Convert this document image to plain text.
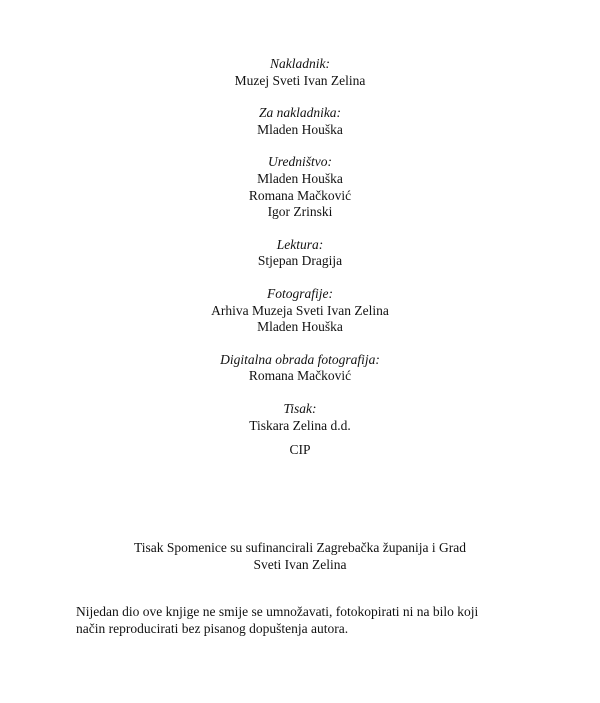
Nakladnik:
Muzej Sveti Ivan Zelina
Za nakladnika:
Mladen Houška
Uredništvo:
Mladen Houška
Romana Mačković
Igor Zrinski
Lektura:
Stjepan Dragija
Fotografije:
Arhiva Muzeja Sveti Ivan Zelina
Mladen Houška
Digitalna obrada fotografija:
Romana Mačković
Tisak:
Tiskara Zelina d.d.
CIP
Tisak Spomenice su sufinancirali Zagrebačka županija i Grad
Sveti Ivan Zelina
Nijedan dio ove knjige ne smije se umnožavati, fotokopirati ni na bilo koji
način reproducirati bez pisanog dopuštenja autora.
